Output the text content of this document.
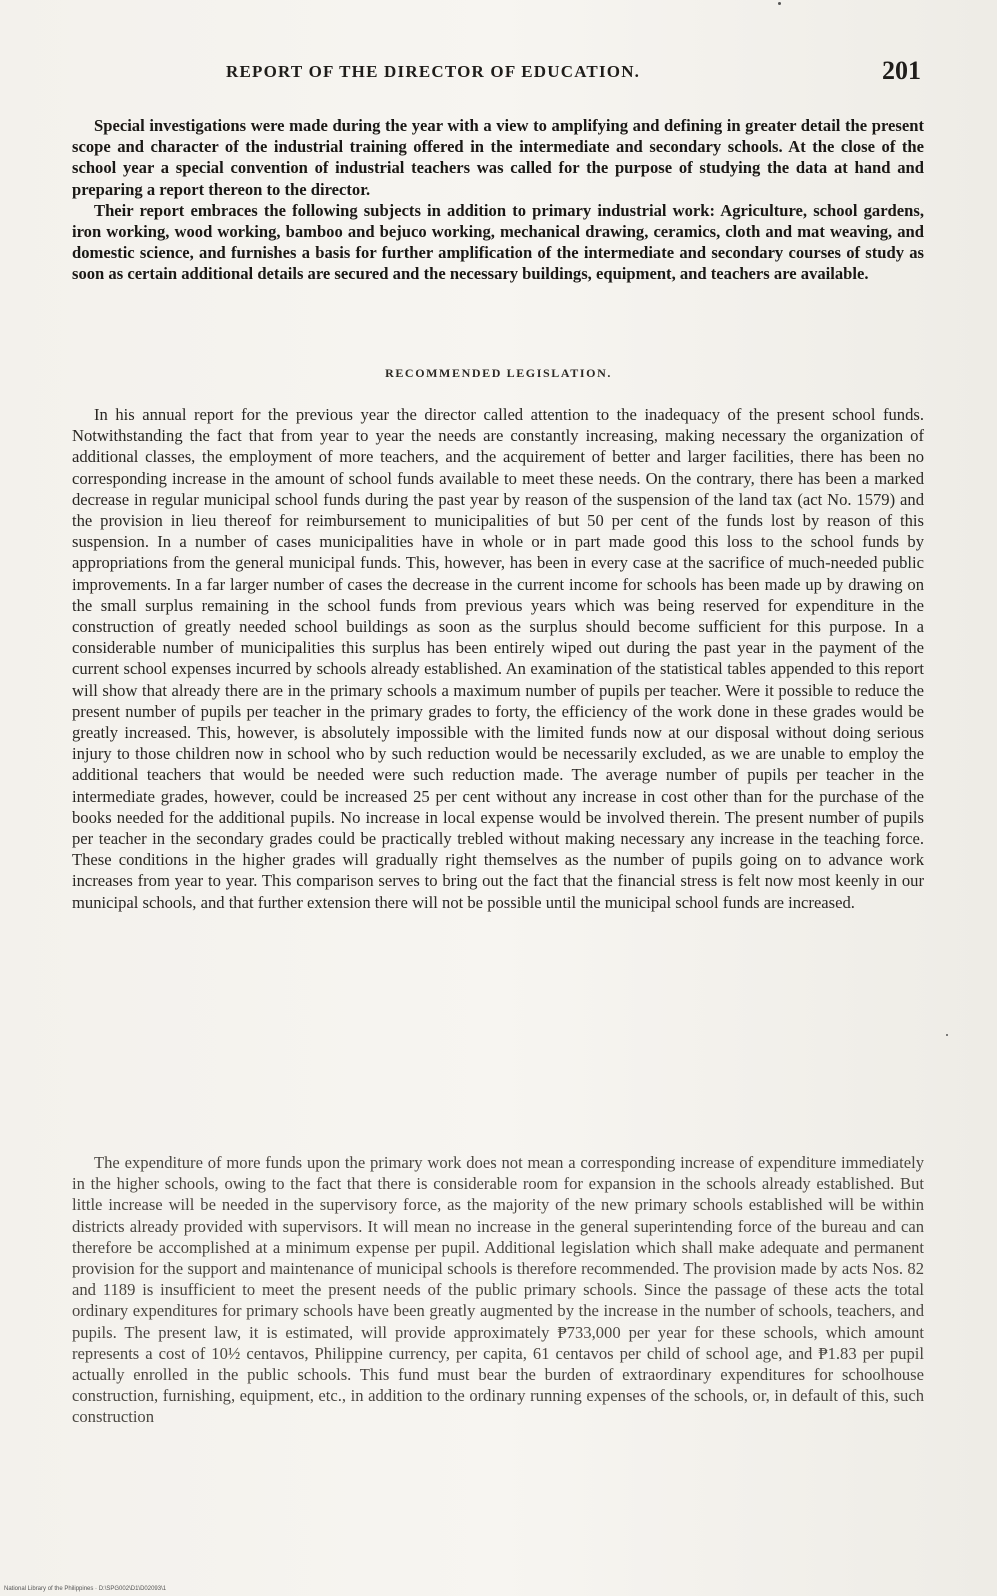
REPORT OF THE DIRECTOR OF EDUCATION.	201

Special investigations were made during the year with a view to amplifying and defining in greater detail the present scope and character of the industrial training offered in the intermediate and secondary schools. At the close of the school year a special convention of industrial teachers was called for the purpose of studying the data at hand and preparing a report thereon to the director.

Their report embraces the following subjects in addition to primary industrial work: Agriculture, school gardens, iron working, wood working, bamboo and bejuco working, mechanical drawing, ceramics, cloth and mat weaving, and domestic science, and furnishes a basis for further amplification of the intermediate and secondary courses of study as soon as certain additional details are secured and the necessary buildings, equipment, and teachers are available.

RECOMMENDED LEGISLATION.

In his annual report for the previous year the director called attention to the inadequacy of the present school funds. Notwithstanding the fact that from year to year the needs are constantly increasing, making necessary the organization of additional classes, the employment of more teachers, and the acquirement of better and larger facilities, there has been no corresponding increase in the amount of school funds available to meet these needs. On the contrary, there has been a marked decrease in regular municipal school funds during the past year by reason of the suspension of the land tax (act No. 1579) and the provision in lieu thereof for reimbursement to municipalities of but 50 per cent of the funds lost by reason of this suspension. In a number of cases municipalities have in whole or in part made good this loss to the school funds by appropriations from the general municipal funds. This, however, has been in every case at the sacrifice of much-needed public improvements. In a far larger number of cases the decrease in the current income for schools has been made up by drawing on the small surplus remaining in the school funds from previous years which was being reserved for expenditure in the construction of greatly needed school buildings as soon as the surplus should become sufficient for this purpose. In a considerable number of municipalities this surplus has been entirely wiped out during the past year in the payment of the current school expenses incurred by schools already established. An examination of the statistical tables appended to this report will show that already there are in the primary schools a maximum number of pupils per teacher. Were it possible to reduce the present number of pupils per teacher in the primary grades to forty, the efficiency of the work done in these grades would be greatly increased. This, however, is absolutely impossible with the limited funds now at our disposal without doing serious injury to those children now in school who by such reduction would be necessarily excluded, as we are unable to employ the additional teachers that would be needed were such reduction made. The average number of pupils per teacher in the intermediate grades, however, could be increased 25 per cent without any increase in cost other than for the purchase of the books needed for the additional pupils. No increase in local expense would be involved therein. The present number of pupils per teacher in the secondary grades could be practically trebled without making necessary any increase in the teaching force. These conditions in the higher grades will gradually right themselves as the number of pupils going on to advance work increases from year to year. This comparison serves to bring out the fact that the financial stress is felt now most keenly in our municipal schools, and that further extension there will not be possible until the municipal school funds are increased.

The expenditure of more funds upon the primary work does not mean a corresponding increase of expenditure immediately in the higher schools, owing to the fact that there is considerable room for expansion in the schools already established. But little increase will be needed in the supervisory force, as the majority of the new primary schools established will be within districts already provided with supervisors. It will mean no increase in the general superintending force of the bureau and can therefore be accomplished at a minimum expense per pupil. Additional legislation which shall make adequate and permanent provision for the support and maintenance of municipal schools is therefore recommended. The provision made by acts Nos. 82 and 1189 is insufficient to meet the present needs of the public primary schools. Since the passage of these acts the total ordinary expenditures for primary schools have been greatly augmented by the increase in the number of schools, teachers, and pupils. The present law, it is estimated, will provide approximately ₱733,000 per year for these schools, which amount represents a cost of 10½ centavos, Philippine currency, per capita, 61 centavos per child of school age, and ₱1.83 per pupil actually enrolled in the public schools. This fund must bear the burden of extraordinary expenditures for schoolhouse construction, furnishing, equipment, etc., in addition to the ordinary running expenses of the schools, or, in default of this, such construction

National Library of the Philippines · D:\SPG002\D1\D02093\1
